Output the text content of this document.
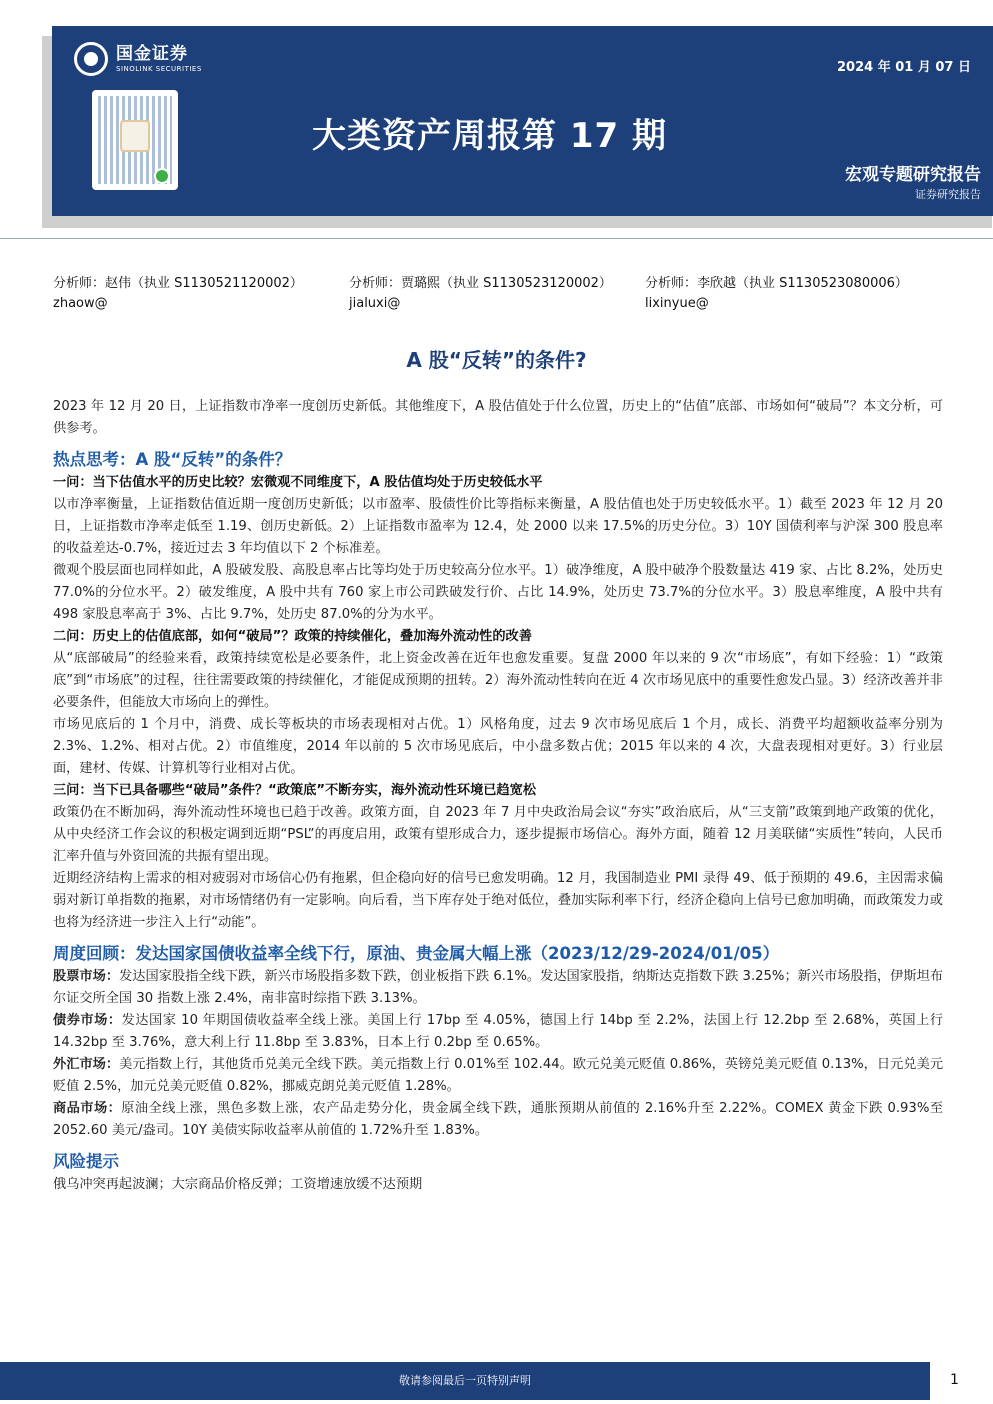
国金证券
SINOLINK SECURITIES	2024 年 01 月 07 日
大类资产周报第 17 期
宏观专题研究报告
证券研究报告
分析师：赵伟（执业 S1130521120002）
zhaow@
分析师：贾璐熙（执业 S1130523120002）
jialuxi@
分析师：李欣越（执业 S1130523080006）
lixinyue@
A 股“反转”的条件?

2023 年 12 月 20 日，上证指数市净率一度创历史新低。其他维度下，A 股估值处于什么位置，历史上的“估值”底部、市场如何“破局”？本文分析，可供参考。

热点思考：A 股“反转”的条件？
一问：当下估值水平的历史比较？宏微观不同维度下，A 股估值均处于历史较低水平

以市净率衡量，上证指数估值近期一度创历史新低；以市盈率、股债性价比等指标来衡量，A 股估值也处于历史较低水平。1）截至 2023 年 12 月 20 日，上证指数市净率走低至 1.19、创历史新低。2）上证指数市盈率为 12.4，处 2000 以来 17.5%的历史分位。3）10Y 国债利率与沪深 300 股息率的收益差达-0.7%，接近过去 3 年均值以下 2 个标准差。

微观个股层面也同样如此，A 股破发股、高股息率占比等均处于历史较高分位水平。1）破净维度，A 股中破净个股数量达 419 家、占比 8.2%，处历史 77.0%的分位水平。2）破发维度，A 股中共有 760 家上市公司跌破发行价、占比 14.9%，处历史 73.7%的分位水平。3）股息率维度，A 股中共有 498 家股息率高于 3%、占比 9.7%，处历史 87.0%的分为水平。

二问：历史上的估值底部，如何“破局”？政策的持续催化，叠加海外流动性的改善

从“底部破局”的经验来看，政策持续宽松是必要条件，北上资金改善在近年也愈发重要。复盘 2000 年以来的 9 次“市场底”，有如下经验：1）“政策底”到“市场底”的过程，往往需要政策的持续催化，才能促成预期的扭转。2）海外流动性转向在近 4 次市场见底中的重要性愈发凸显。3）经济改善并非必要条件，但能放大市场向上的弹性。

市场见底后的 1 个月中，消费、成长等板块的市场表现相对占优。1）风格角度，过去 9 次市场见底后 1 个月，成长、消费平均超额收益率分别为 2.3%、1.2%、相对占优。2）市值维度，2014 年以前的 5 次市场见底后，中小盘多数占优；2015 年以来的 4 次，大盘表现相对更好。3）行业层面，建材、传媒、计算机等行业相对占优。

三问：当下已具备哪些“破局”条件？“政策底”不断夯实，海外流动性环境已趋宽松

政策仍在不断加码，海外流动性环境也已趋于改善。政策方面，自 2023 年 7 月中央政治局会议“夯实”政治底后，从“三支箭”政策到地产政策的优化，从中央经济工作会议的积极定调到近期“PSL”的再度启用，政策有望形成合力，逐步提振市场信心。海外方面，随着 12 月美联储“实质性”转向，人民币汇率升值与外资回流的共振有望出现。

近期经济结构上需求的相对疲弱对市场信心仍有拖累，但企稳向好的信号已愈发明确。12 月，我国制造业 PMI 录得 49、低于预期的 49.6，主因需求偏弱对新订单指数的拖累，对市场情绪仍有一定影响。向后看，当下库存处于绝对低位，叠加实际利率下行，经济企稳向上信号已愈加明确，而政策发力或也将为经济进一步注入上行“动能”。

周度回顾：发达国家国债收益率全线下行，原油、贵金属大幅上涨（2023/12/29-2024/01/05）

股票市场：发达国家股指全线下跌，新兴市场股指多数下跌，创业板指下跌 6.1%。发达国家股指，纳斯达克指数下跌 3.25%；新兴市场股指，伊斯坦布尔证交所全国 30 指数上涨 2.4%，南非富时综指下跌 3.13%。

债券市场：发达国家 10 年期国债收益率全线上涨。美国上行 17bp 至 4.05%，德国上行 14bp 至 2.2%，法国上行 12.2bp 至 2.68%，英国上行 14.32bp 至 3.76%，意大利上行 11.8bp 至 3.83%，日本上行 0.2bp 至 0.65%。

外汇市场：美元指数上行，其他货币兑美元全线下跌。美元指数上行 0.01%至 102.44。欧元兑美元贬值 0.86%，英镑兑美元贬值 0.13%，日元兑美元贬值 2.5%，加元兑美元贬值 0.82%，挪威克朗兑美元贬值 1.28%。

商品市场：原油全线上涨，黑色多数上涨，农产品走势分化，贵金属全线下跌，通胀预期从前值的 2.16%升至 2.22%。COMEX 黄金下跌 0.93%至 2052.60 美元/盎司。10Y 美债实际收益率从前值的 1.72%升至 1.83%。

风险提示

俄乌冲突再起波澜；大宗商品价格反弹；工资增速放缓不达预期

敬请参阅最后一页特别声明	1
